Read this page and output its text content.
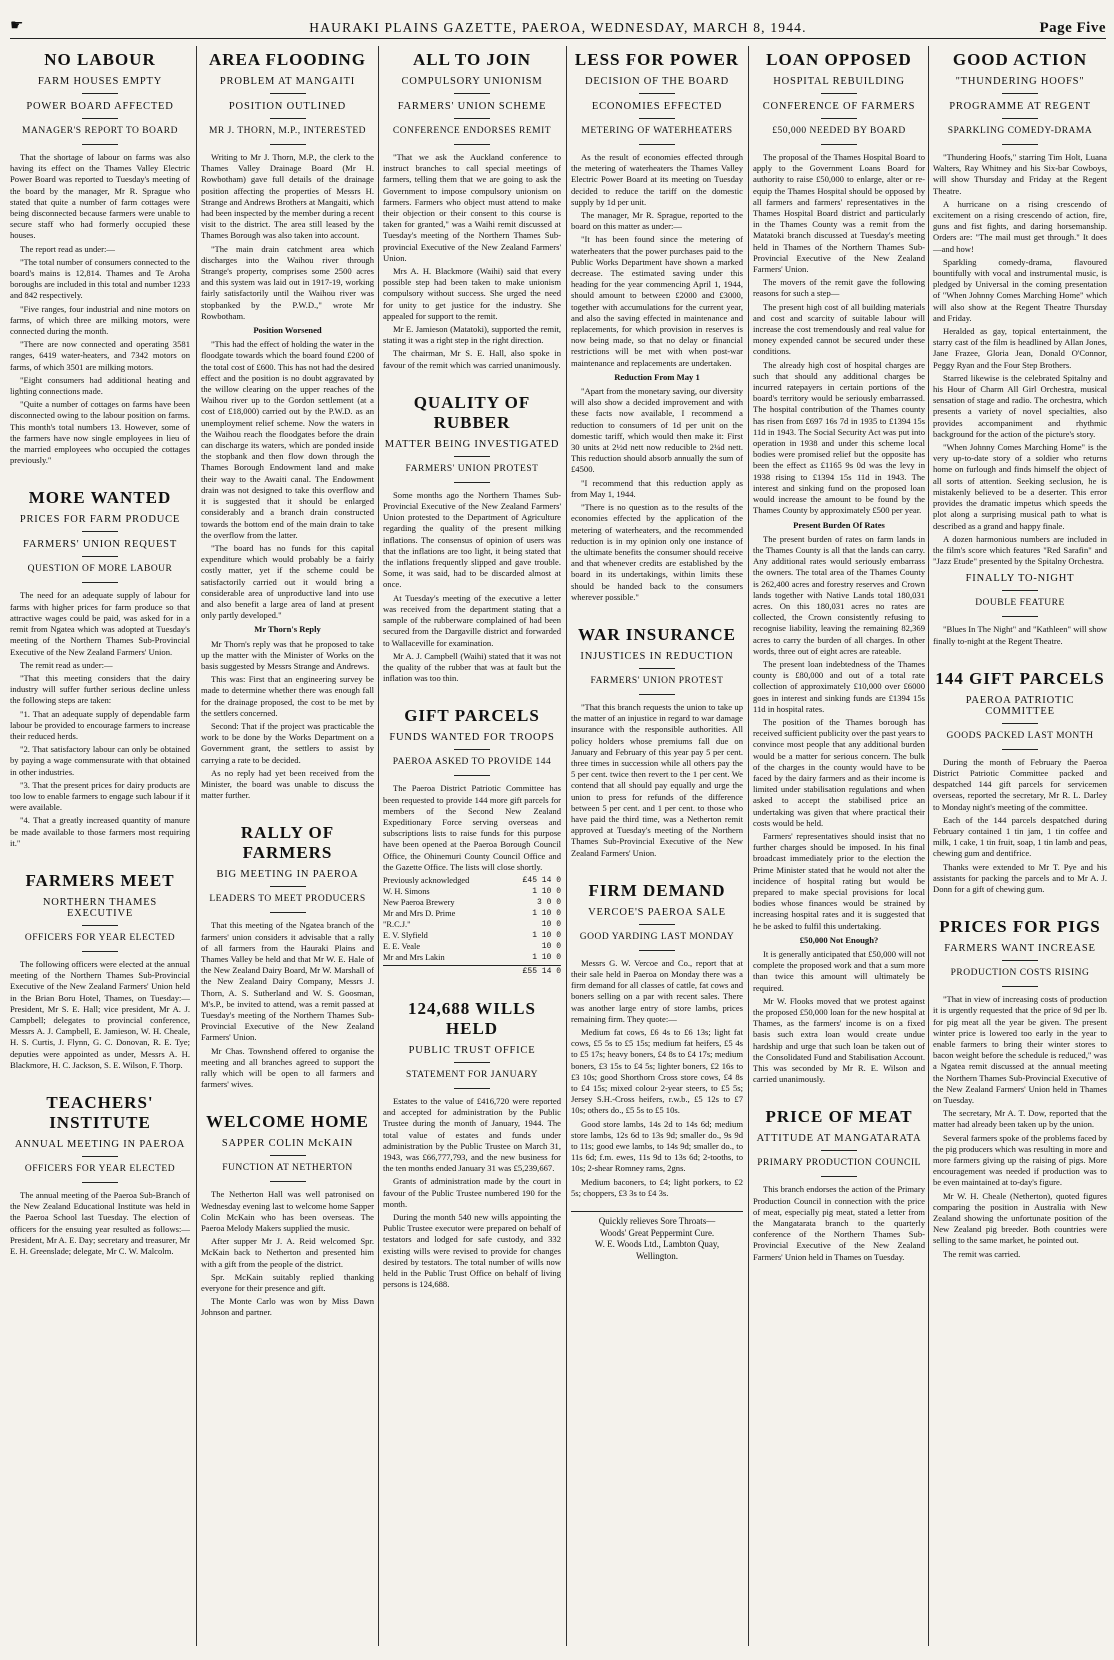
☛	HAURAKI PLAINS GAZETTE, PAEROA, WEDNESDAY, MARCH 8, 1944.	Page Five
NO LABOUR
FARM HOUSES EMPTY
POWER BOARD AFFECTED
MANAGER'S REPORT TO BOARD

That the shortage of labour on farms was also having its effect on the Thames Valley Electric Power Board was reported to Tuesday's meeting of the board by the manager, Mr R. Sprague who stated that quite a number of farm cottages were being disconnected because farmers were unable to secure staff who had formerly occupied these houses.

The report read as under:—

"The total number of consumers connected to the board's mains is 12,814. Thames and Te Aroha boroughs are included in this total and number 1233 and 842 respectively.

"Five ranges, four industrial and nine motors on farms, of which three are milking motors, were connected during the month.

"There are now connected and operating 3581 ranges, 6419 water-heaters, and 7342 motors on farms, of which 3501 are milking motors.

"Eight consumers had additional heating and lighting connections made.

"Quite a number of cottages on farms have been disconnected owing to the labour position on farms. This month's total numbers 13. However, some of the farmers have now single employees in lieu of the married employees who occupied the cottages previously."

MORE WANTED
PRICES FOR FARM PRODUCE
FARMERS' UNION REQUEST
QUESTION OF MORE LABOUR

The need for an adequate supply of labour for farms with higher prices for farm produce so that attractive wages could be paid, was asked for in a remit from Ngatea which was adopted at Tuesday's meeting of the Northern Thames Sub-Provincial Executive of the New Zealand Farmers' Union.

The remit read as under:—

"That this meeting considers that the dairy industry will suffer further serious decline unless the following steps are taken:

"1. That an adequate supply of dependable farm labour be provided to encourage farmers to increase their reduced herds.

"2. That satisfactory labour can only be obtained by paying a wage commensurate with that obtained in other industries.

"3. That the present prices for dairy products are too low to enable farmers to engage such labour if it were available.

"4. That a greatly increased quantity of manure be made available to those farmers most requiring it."

FARMERS MEET
NORTHERN THAMES EXECUTIVE
OFFICERS FOR YEAR ELECTED

The following officers were elected at the annual meeting of the Northern Thames Sub-Provincial Executive of the New Zealand Farmers' Union held in the Brian Boru Hotel, Thames, on Tuesday:—President, Mr S. E. Hall; vice president, Mr A. J. Campbell; delegates to provincial conference, Messrs A. J. Campbell, E. Jamieson, W. H. Cheale, H. S. Curtis, J. Flynn, G. C. Donovan, R. E. Tye; deputies were appointed as under, Messrs A. H. Blackmore, H. C. Jackson, S. E. Wilson, F. Thorp.

TEACHERS' INSTITUTE
ANNUAL MEETING IN PAEROA
OFFICERS FOR YEAR ELECTED

The annual meeting of the Paeroa Sub-Branch of the New Zealand Educational Institute was held in the Paeroa School last Tuesday. The election of officers for the ensuing year resulted as follows:—President, Mr A. E. Day; secretary and treasurer, Mr E. H. Greenslade; delegate, Mr C. W. Malcolm.

AREA FLOODING
PROBLEM AT MANGAITI
POSITION OUTLINED
MR J. THORN, M.P., INTERESTED

Writing to Mr J. Thorn, M.P., the clerk to the Thames Valley Drainage Board (Mr H. Rowbotham) gave full details of the drainage position affecting the properties of Messrs H. Strange and Andrews Brothers at Mangaiti, which had been inspected by the member during a recent visit to the district. The area still leased by the Thames Borough was also taken into account.

"The main drain catchment area which discharges into the Waihou river through Strange's property, comprises some 2500 acres and this system was laid out in 1917-19, working fairly satisfactorily until the Waihou river was stopbanked by the P.W.D.," wrote Mr Rowbotham.

Position Worsened

"This had the effect of holding the water in the floodgate towards which the board found £200 of the total cost of £600. This has not had the desired effect and the position is no doubt aggravated by the willow clearing on the upper reaches of the Waihou river up to the Gordon settlement (at a cost of £18,000) carried out by the P.W.D. as an unemployment relief scheme. Now the waters in the Waihou reach the floodgates before the drain can discharge its waters, which are ponded inside the stopbank and then flow down through the Thames Borough Endowment land and make their way to the Awaiti canal. The Endowment drain was not designed to take this overflow and it is suggested that it should be enlarged considerably and a branch drain constructed towards the bottom end of the main drain to take the overflow from the latter.

"The board has no funds for this capital expenditure which would probably be a fairly costly matter, yet if the scheme could be satisfactorily carried out it would bring a considerable area of unproductive land into use and also benefit a large area of land at present only partly developed."

Mr Thorn's Reply

Mr Thorn's reply was that he proposed to take up the matter with the Minister of Works on the basis suggested by Messrs Strange and Andrews.

This was: First that an engineering survey be made to determine whether there was enough fall for the drainage proposed, the cost to be met by the settlers concerned.

Second: That if the project was practicable the work to be done by the Works Department on a Government grant, the settlers to assist by carrying a rate to be decided.

As no reply had yet been received from the Minister, the board was unable to discuss the matter further.

RALLY OF FARMERS
BIG MEETING IN PAEROA
LEADERS TO MEET PRODUCERS

That this meeting of the Ngatea branch of the farmers' union considers it advisable that a rally of all farmers from the Hauraki Plains and Thames Valley be held and that Mr W. E. Hale of the New Zealand Dairy Board, Mr W. Marshall of the New Zealand Dairy Company, Messrs J. Thorn, A. S. Sutherland and W. S. Goosman, M's.P., be invited to attend, was a remit passed at Tuesday's meeting of the Northern Thames Sub-Provincial Executive of the New Zealand Farmers' Union.

Mr Chas. Townshend offered to organise the meeting and all branches agreed to support the rally which will be open to all farmers and farmers' wives.

WELCOME HOME
SAPPER COLIN McKAIN
FUNCTION AT NETHERTON

The Netherton Hall was well patronised on Wednesday evening last to welcome home Sapper Colin McKain who has been overseas. The Paeroa Melody Makers supplied the music.

After supper Mr J. A. Reid welcomed Spr. McKain back to Netherton and presented him with a gift from the people of the district.

Spr. McKain suitably replied thanking everyone for their presence and gift.

The Monte Carlo was won by Miss Dawn Johnson and partner.

ALL TO JOIN
COMPULSORY UNIONISM
FARMERS' UNION SCHEME
CONFERENCE ENDORSES REMIT

"That we ask the Auckland conference to instruct branches to call special meetings of farmers, telling them that we are going to ask the Government to impose compulsory unionism on farmers. Farmers who object must attend to make their objection or their consent to this course is taken for granted," was a Waihi remit discussed at Tuesday's meeting of the Northern Thames Sub-provincial Executive of the New Zealand Farmers' Union.

Mrs A. H. Blackmore (Waihi) said that every possible step had been taken to make unionism compulsory without success. She urged the need for unity to get justice for the industry. She appealed for support to the remit.

Mr E. Jamieson (Matatoki), supported the remit, stating it was a right step in the right direction.

The chairman, Mr S. E. Hall, also spoke in favour of the remit which was carried unanimously.

QUALITY OF RUBBER
MATTER BEING INVESTIGATED
FARMERS' UNION PROTEST

Some months ago the Northern Thames Sub-Provincial Executive of the New Zealand Farmers' Union protested to the Department of Agriculture regarding the quality of the present milking inflations. The consensus of opinion of users was that the inflations are too light, it being stated that the inflations frequently slipped and gave trouble. Some, it was said, had to be discarded almost at once.

At Tuesday's meeting of the executive a letter was received from the department stating that a sample of the rubberware complained of had been secured from the Dargaville district and forwarded to Wallaceville for examination.

Mr A. J. Campbell (Waihi) stated that it was not the quality of the rubber that was at fault but the inflation was too thin.

GIFT PARCELS
FUNDS WANTED FOR TROOPS
PAEROA ASKED TO PROVIDE 144

The Paeroa District Patriotic Committee has been requested to provide 144 more gift parcels for members of the Second New Zealand Expeditionary Force serving overseas and subscriptions lists to raise funds for this purpose have been opened at the Paeroa Borough Council Office, the Ohinemuri County Council Office and the Gazette Office. The lists will close shortly.

Previously acknowledged	£45 14 0
W. H. Simons	1 10 0
New Paeroa Brewery	3 0 0
Mr and Mrs D. Prime	1 10 0
"R.C.J."	10 0
E. V. Slyfield	1 10 0
E. E. Veale	10 0
Mr and Mrs Lakin	1 10 0
£55 14 0
124,688 WILLS HELD
PUBLIC TRUST OFFICE
STATEMENT FOR JANUARY

Estates to the value of £416,720 were reported and accepted for administration by the Public Trustee during the month of January, 1944. The total value of estates and funds under administration by the Public Trustee on March 31, 1943, was £66,777,793, and the new business for the ten months ended January 31 was £5,239,667.

Grants of administration made by the court in favour of the Public Trustee numbered 190 for the month.

During the month 540 new wills appointing the Public Trustee executor were prepared on behalf of testators and lodged for safe custody, and 332 existing wills were revised to provide for changes desired by testators. The total number of wills now held in the Public Trust Office on behalf of living persons is 124,688.

LESS FOR POWER
DECISION OF THE BOARD
ECONOMIES EFFECTED
METERING OF WATERHEATERS

As the result of economies effected through the metering of waterheaters the Thames Valley Electric Power Board at its meeting on Tuesday decided to reduce the tariff on the domestic supply by 1d per unit.

The manager, Mr R. Sprague, reported to the board on this matter as under:—

"It has been found since the metering of waterheaters that the power purchases paid to the Public Works Department have shown a marked decrease. The estimated saving under this heading for the year commencing April 1, 1944, should amount to between £2000 and £3000, together with accumulations for the current year, and also the saving effected in maintenance and replacements, for which provision in reserves is now being made, so that no delay or financial restrictions will be met with when post-war maintenance and replacements are undertaken.

Reduction From May 1

"Apart from the monetary saving, our diversity will also show a decided improvement and with these facts now available, I recommend a reduction to consumers of 1d per unit on the domestic tariff, which would then make it: First 30 units at 2½d nett now reducible to 2¼d nett. This reduction should absorb annually the sum of £4500.

"I recommend that this reduction apply as from May 1, 1944.

"There is no question as to the results of the economies effected by the application of the metering of waterheaters, and the recommended reduction is in my opinion only one instance of the ultimate benefits the consumer should receive and that whenever credits are established by the board in its undertakings, within limits these should be handed back to the consumers wherever possible."

WAR INSURANCE
INJUSTICES IN REDUCTION
FARMERS' UNION PROTEST

"That this branch requests the union to take up the matter of an injustice in regard to war damage insurance with the responsible authorities. All policy holders whose premiums fall due on January and February of this year pay 5 per cent. three times in succession while all others pay the 5 per cent. twice then revert to the 1 per cent. We contend that all should pay equally and urge the union to press for refunds of the difference between 5 per cent. and 1 per cent. to those who have paid the third time, was a Netherton remit approved at Tuesday's meeting of the Northern Thames Sub-Provincial Executive of the New Zealand Farmers' Union.

FIRM DEMAND
VERCOE'S PAEROA SALE
GOOD YARDING LAST MONDAY

Messrs G. W. Vercoe and Co., report that at their sale held in Paeroa on Monday there was a firm demand for all classes of cattle, fat cows and boners selling on a par with recent sales. There was another large entry of store lambs, prices remaining firm. They quote:—

Medium fat cows, £6 4s to £6 13s; light fat cows, £5 5s to £5 15s; medium fat heifers, £5 4s to £5 17s; heavy boners, £4 8s to £4 17s; medium boners, £3 15s to £4 5s; lighter boners, £2 16s to £3 10s; good Shorthorn Cross store cows, £4 8s to £4 15s; mixed colour 2-year steers, to £5 5s; Jersey S.H.-Cross heifers, r.w.b., £5 12s to £7 10s; others do., £5 5s to £5 10s.

Good store lambs, 14s 2d to 14s 6d; medium store lambs, 12s 6d to 13s 9d; smaller do., 9s 9d to 11s; good ewe lambs, to 14s 9d; smaller do., to 11s 6d; f.m. ewes, 11s 9d to 13s 6d; 2-tooths, to 10s; 2-shear Romney rams, 2gns.

Medium baconers, to £4; light porkers, to £2 5s; choppers, £3 3s to £4 3s.

Quickly relieves Sore Throats—
Woods' Great Peppermint Cure.
W. E. Woods Ltd., Lambton Quay,
Wellington.
LOAN OPPOSED
HOSPITAL REBUILDING
CONFERENCE OF FARMERS
£50,000 NEEDED BY BOARD

The proposal of the Thames Hospital Board to apply to the Government Loans Board for authority to raise £50,000 to enlarge, alter or re-equip the Thames Hospital should be opposed by all farmers and farmers' representatives in the Thames Hospital Board district and particularly in the Thames County was a remit from the Matatoki branch discussed at Tuesday's meeting held in Thames of the Northern Thames Sub-Provincial Executive of the New Zealand Farmers' Union.

The movers of the remit gave the following reasons for such a step—

The present high cost of all building materials and cost and scarcity of suitable labour will increase the cost tremendously and real value for money expended cannot be secured under these conditions.

The already high cost of hospital charges are such that should any additional charges be incurred ratepayers in certain portions of the board's territory would be seriously embarrassed. The hospital contribution of the Thames county has risen from £697 16s 7d in 1935 to £1394 15s 11d in 1943. The Social Security Act was put into operation in 1938 and under this scheme local bodies were promised relief but the opposite has been the effect as £1165 9s 0d was the levy in 1938 rising to £1394 15s 11d in 1943. The interest and sinking fund on the proposed loan would increase the amount to be found by the Thames County by approximately £500 per year.

Present Burden Of Rates

The present burden of rates on farm lands in the Thames County is all that the lands can carry. Any additional rates would seriously embarrass the owners. The total area of the Thames County is 262,400 acres and forestry reserves and Crown lands together with Native Lands total 180,031 acres. On this 180,031 acres no rates are collected, the Crown consistently refusing to recognise liability, leaving the remaining 82,369 acres to carry the burden of all charges. In other words, three out of eight acres are rateable.

The present loan indebtedness of the Thames county is £80,000 and out of a total rate collection of approximately £10,000 over £6000 goes in interest and sinking funds are £1394 15s 11d in hospital rates.

The position of the Thames borough has received sufficient publicity over the past years to convince most people that any additional burden would be a matter for serious concern. The bulk of the charges in the county would have to be faced by the dairy farmers and as their income is limited under stabilisation regulations and when asked to accept the stabilised price an undertaking was given that where practical their costs would be held.

Farmers' representatives should insist that no further charges should be imposed. In his final broadcast immediately prior to the election the Prime Minister stated that he would not alter the incidence of hospital rating but would be prepared to make special provisions for local bodies whose finances would be strained by increasing hospital rates and it is suggested that he be asked to fulfil this undertaking.

£50,000 Not Enough?

It is generally anticipated that £50,000 will not complete the proposed work and that a sum more than twice this amount will ultimately be required.

Mr W. Flooks moved that we protest against the proposed £50,000 loan for the new hospital at Thames, as the farmers' income is on a fixed basis such extra loan would create undue hardship and urge that such loan be taken out of the Consolidated Fund and Stabilisation Account. This was seconded by Mr R. E. Wilson and carried unanimously.

PRICE OF MEAT
ATTITUDE AT MANGATARATA
PRIMARY PRODUCTION COUNCIL

This branch endorses the action of the Primary Production Council in connection with the price of meat, especially pig meat, stated a letter from the Mangatarata branch to the quarterly conference of the Northern Thames Sub-Provincial Executive of the New Zealand Farmers' Union held in Thames on Tuesday.

GOOD ACTION
"THUNDERING HOOFS"
PROGRAMME AT REGENT
SPARKLING COMEDY-DRAMA

"Thundering Hoofs," starring Tim Holt, Luana Walters, Ray Whitney and his Six-bar Cowboys, will show Thursday and Friday at the Regent Theatre.

A hurricane on a rising crescendo of excitement on a rising crescendo of action, fire, guns and fist fights, and daring horsemanship. Orders are: "The mail must get through." It does—and how!

Sparkling comedy-drama, flavoured bountifully with vocal and instrumental music, is pledged by Universal in the coming presentation of "When Johnny Comes Marching Home" which will also show at the Regent Theatre Thursday and Friday.

Heralded as gay, topical entertainment, the starry cast of the film is headlined by Allan Jones, Jane Frazee, Gloria Jean, Donald O'Connor, Peggy Ryan and the Four Step Brothers.

Starred likewise is the celebrated Spitalny and his Hour of Charm All Girl Orchestra, musical sensation of stage and radio. The orchestra, which presents a variety of novel specialties, also provides accompaniment and rhythmic background for the action of the picture's story.

"When Johnny Comes Marching Home" is the very up-to-date story of a soldier who returns home on furlough and finds himself the object of all sorts of attention. Seeking seclusion, he is mistakenly believed to be a deserter. This error provides the dramatic impetus which speeds the plot along a surprising musical path to what is described as a grand and happy finale.

A dozen harmonious numbers are included in the film's score which features "Red Sarafin" and "Jazz Etude" presented by the Spitalny Orchestra.

FINALLY TO-NIGHT
DOUBLE FEATURE

"Blues In The Night" and "Kathleen" will show finally to-night at the Regent Theatre.

144 GIFT PARCELS
PAEROA PATRIOTIC COMMITTEE
GOODS PACKED LAST MONTH

During the month of February the Paeroa District Patriotic Committee packed and despatched 144 gift parcels for servicemen overseas, reported the secretary, Mr R. L. Darley to Monday night's meeting of the committee.

Each of the 144 parcels despatched during February contained 1 tin jam, 1 tin coffee and milk, 1 cake, 1 tin fruit, soap, 1 tin lamb and peas, chewing gum and dentifrice.

Thanks were extended to Mr T. Pye and his assistants for packing the parcels and to Mr A. J. Donn for a gift of chewing gum.

PRICES FOR PIGS
FARMERS WANT INCREASE
PRODUCTION COSTS RISING

"That in view of increasing costs of production it is urgently requested that the price of 9d per lb. for pig meat all the year be given. The present winter price is lowered too early in the year to enable farmers to bring their winter stores to bacon weight before the schedule is reduced," was a Ngatea remit discussed at the annual meeting the Northern Thames Sub-Provincial Executive of the New Zealand Farmers' Union held in Thames on Tuesday.

The secretary, Mr A. T. Dow, reported that the matter had already been taken up by the union.

Several farmers spoke of the problems faced by the pig producers which was resulting in more and more farmers giving up the raising of pigs. More encouragement was needed if production was to be even maintained at to-day's figure.

Mr W. H. Cheale (Netherton), quoted figures comparing the position in Australia with New Zealand showing the unfortunate position of the New Zealand pig breeder. Both countries were selling to the same market, he pointed out.

The remit was carried.
